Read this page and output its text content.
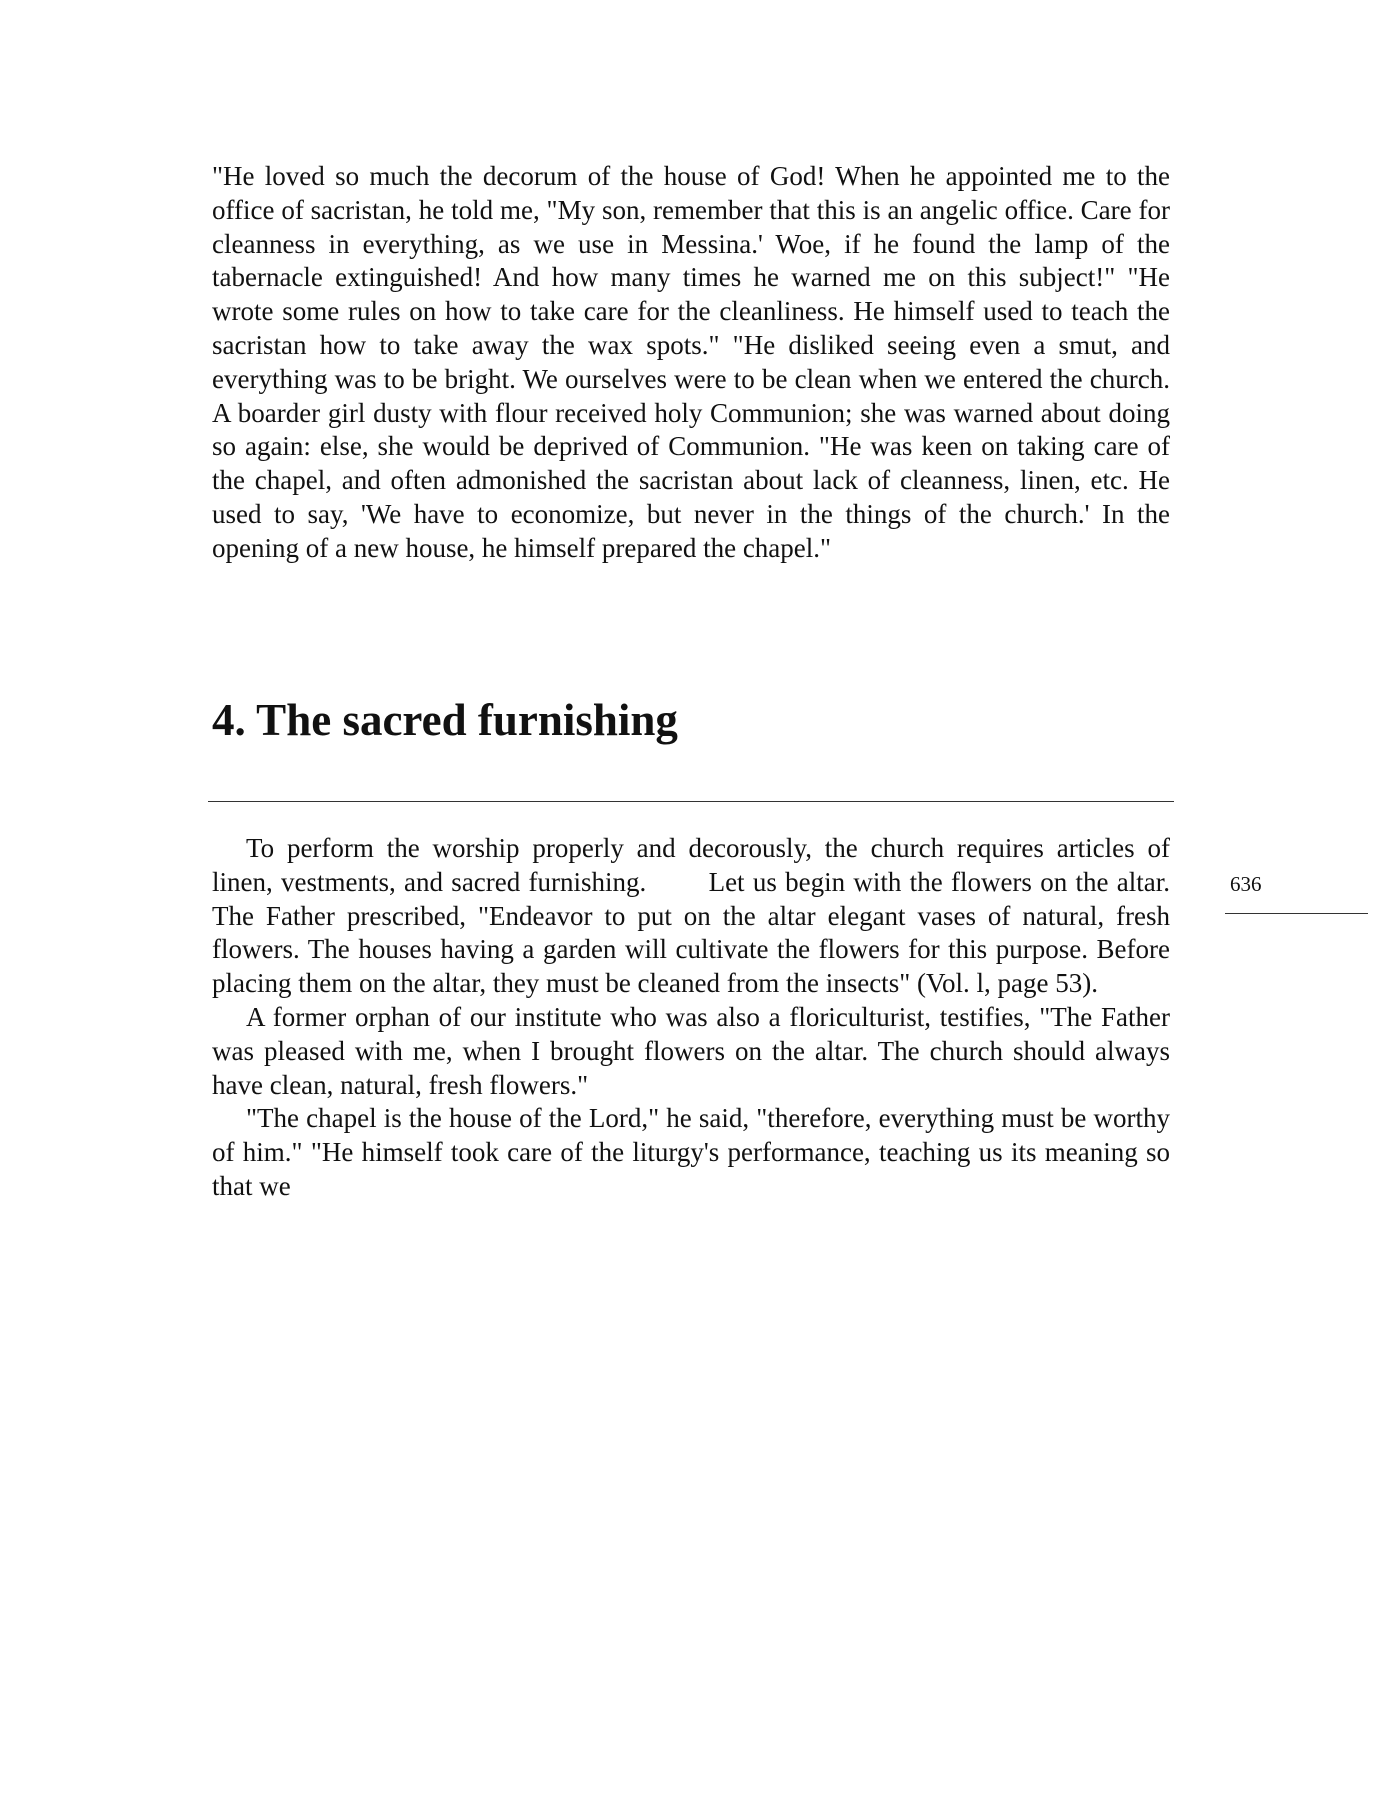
"He loved so much the decorum of the house of God! When he appointed me to the office of sacristan, he told me, "My son, remember that this is an angelic office. Care for cleanness in everything, as we use in Messina.' Woe, if he found the lamp of the tabernacle extinguished! And how many times he warned me on this subject!" "He wrote some rules on how to take care for the cleanliness. He himself used to teach the sacristan how to take away the wax spots." "He disliked seeing even a smut, and everything was to be bright. We ourselves were to be clean when we entered the church. A boarder girl dusty with flour received holy Communion; she was warned about doing so again: else, she would be deprived of Communion. "He was keen on taking care of the chapel, and often admonished the sacristan about lack of cleanness, linen, etc. He used to say, 'We have to economize, but never in the things of the church.' In the opening of a new house, he himself prepared the chapel."

4. The sacred furnishing

To perform the worship properly and decorously, the church requires articles of linen, vestments, and sacred furnishing.   Let us begin with the flowers on the altar. The Father prescribed, "Endeavor to put on the altar elegant vases of natural, fresh flowers. The houses having a garden will cultivate the flowers for this purpose. Before placing them on the altar, they must be cleaned from the insects" (Vol. l, page 53).

A former orphan of our institute who was also a floriculturist, testifies, "The Father was pleased with me, when I brought flowers on the altar. The church should always have clean, natural, fresh flowers."

"The chapel is the house of the Lord," he said, "therefore, everything must be worthy of him." "He himself took care of the liturgy's performance, teaching us its meaning so that we

636
